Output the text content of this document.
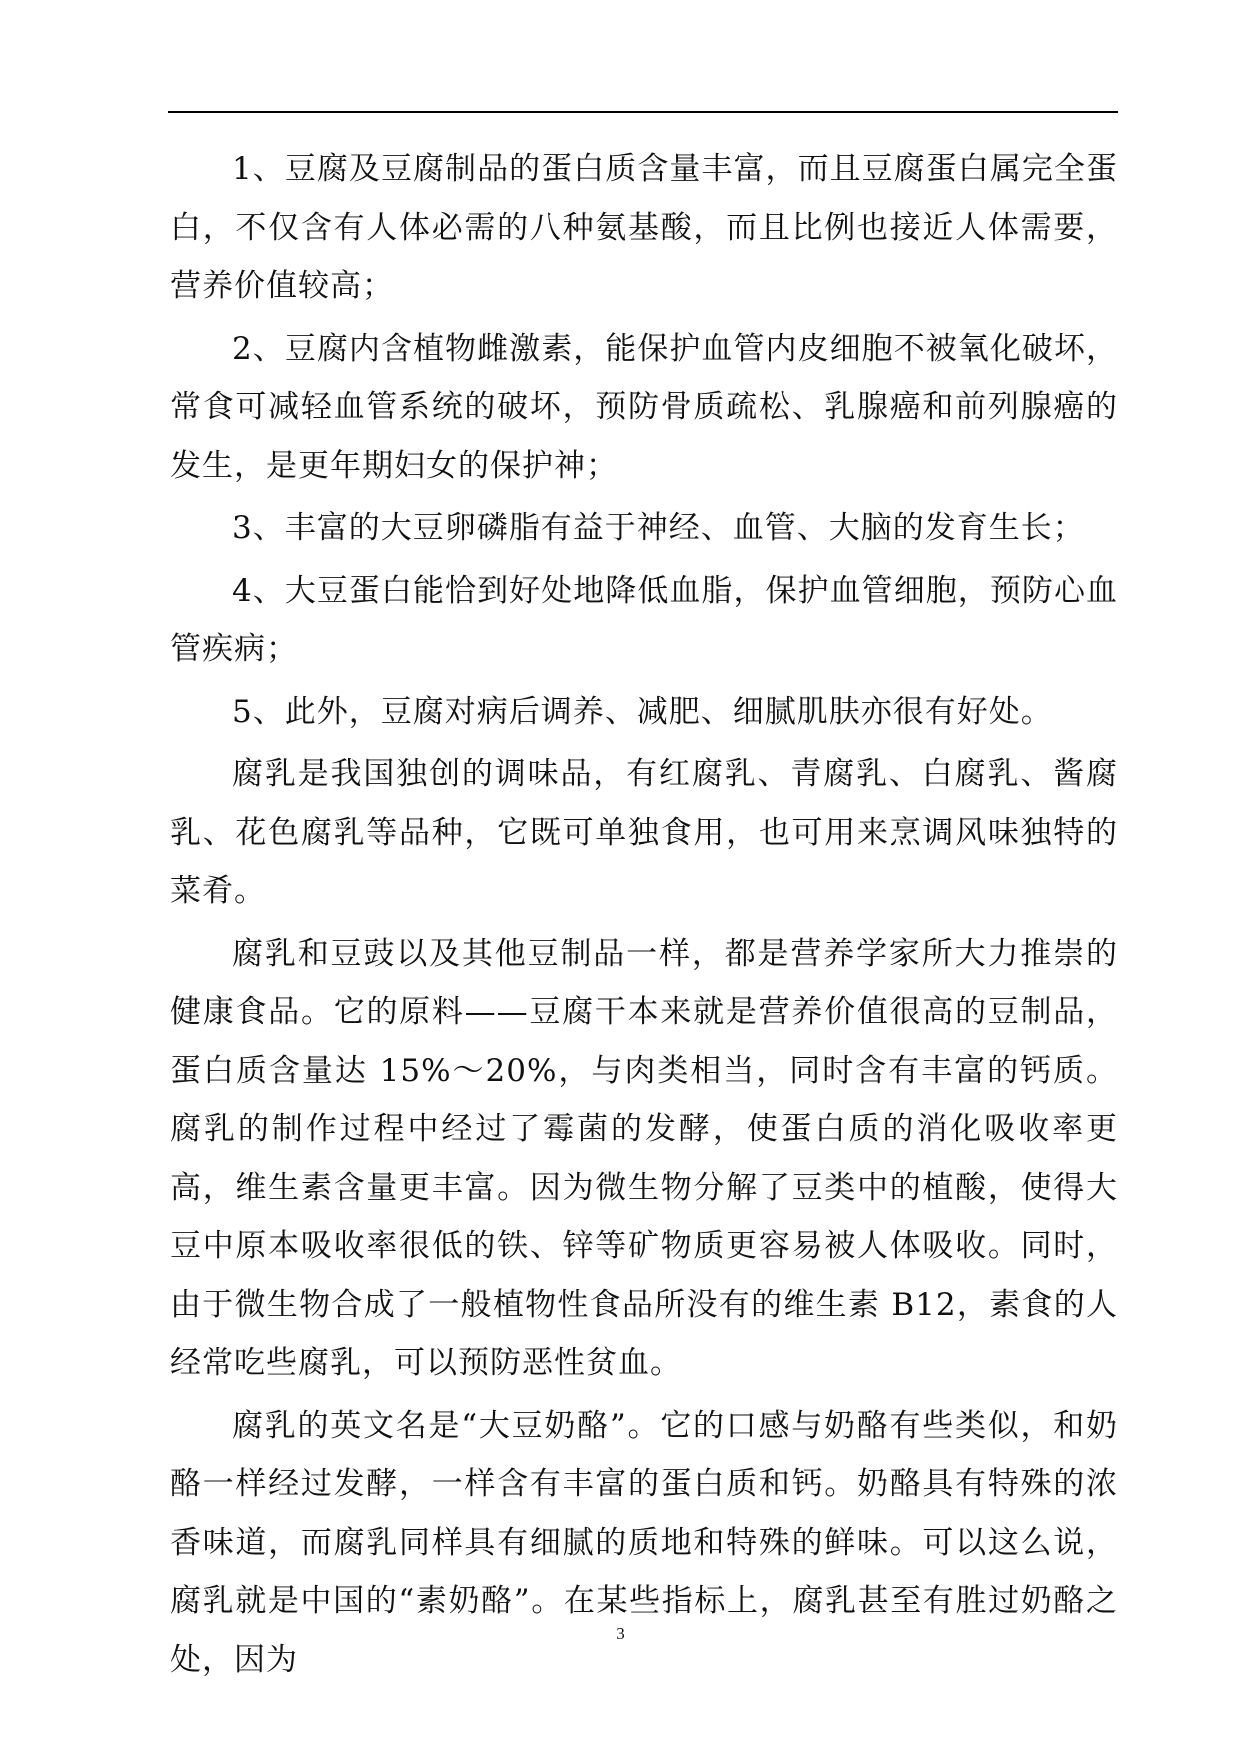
1、豆腐及豆腐制品的蛋白质含量丰富，而且豆腐蛋白属完全蛋白，不仅含有人体必需的八种氨基酸，而且比例也接近人体需要，营养价值较高；

2、豆腐内含植物雌激素，能保护血管内皮细胞不被氧化破坏，常食可减轻血管系统的破坏，预防骨质疏松、乳腺癌和前列腺癌的发生，是更年期妇女的保护神；

3、丰富的大豆卵磷脂有益于神经、血管、大脑的发育生长；

4、大豆蛋白能恰到好处地降低血脂，保护血管细胞，预防心血管疾病；

5、此外，豆腐对病后调养、减肥、细腻肌肤亦很有好处。

腐乳是我国独创的调味品，有红腐乳、青腐乳、白腐乳、酱腐乳、花色腐乳等品种，它既可单独食用，也可用来烹调风味独特的菜肴。

腐乳和豆豉以及其他豆制品一样，都是营养学家所大力推崇的健康食品。它的原料——豆腐干本来就是营养价值很高的豆制品，蛋白质含量达 15%～20%，与肉类相当，同时含有丰富的钙质。腐乳的制作过程中经过了霉菌的发酵，使蛋白质的消化吸收率更高，维生素含量更丰富。因为微生物分解了豆类中的植酸，使得大豆中原本吸收率很低的铁、锌等矿物质更容易被人体吸收。同时，由于微生物合成了一般植物性食品所没有的维生素 B12，素食的人经常吃些腐乳，可以预防恶性贫血。

腐乳的英文名是“大豆奶酪”。它的口感与奶酪有些类似，和奶酪一样经过发酵，一样含有丰富的蛋白质和钙。奶酪具有特殊的浓香味道，而腐乳同样具有细腻的质地和特殊的鲜味。可以这么说，腐乳就是中国的“素奶酪”。在某些指标上，腐乳甚至有胜过奶酪之处，因为

3
